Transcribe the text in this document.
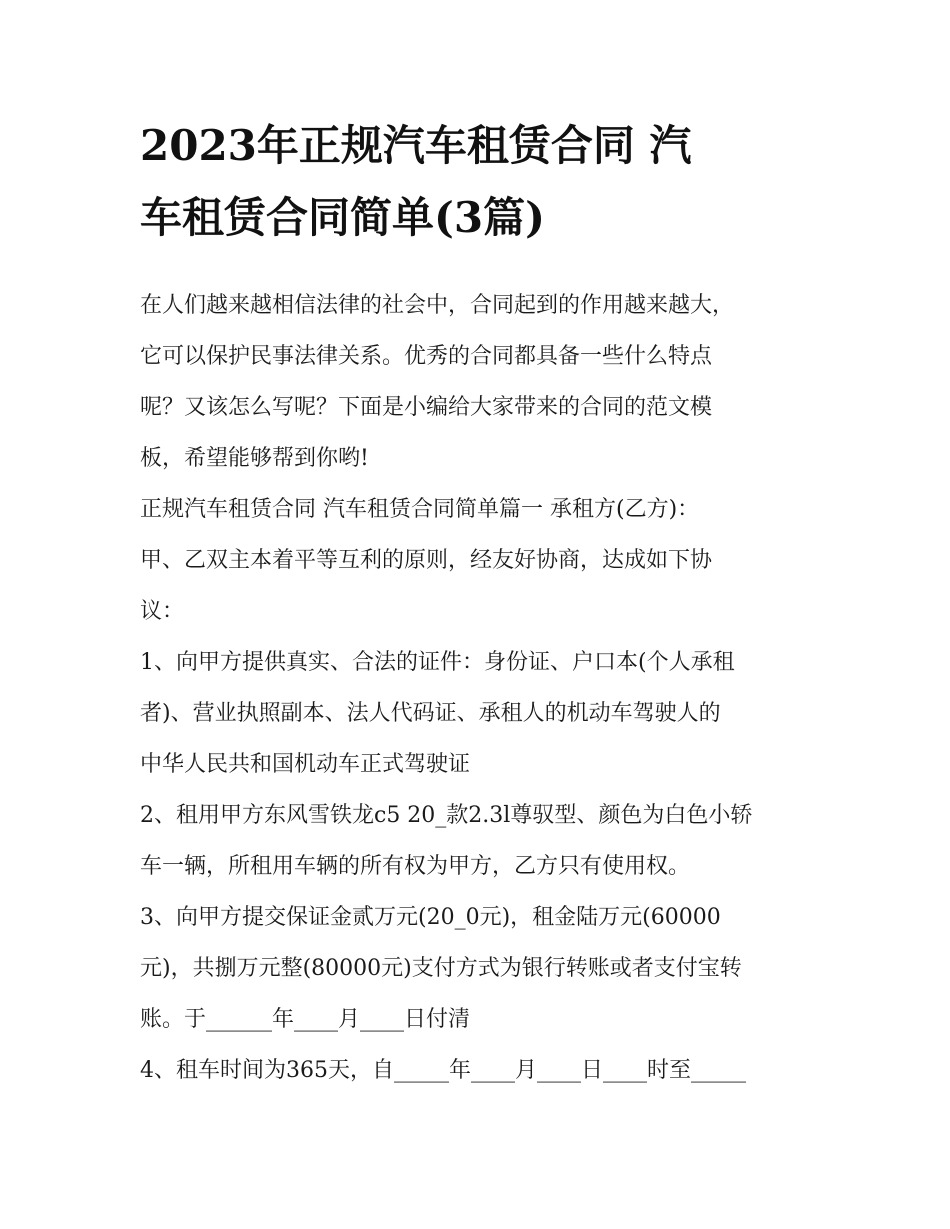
2023年正规汽车租赁合同 汽
车租赁合同简单(3篇)
在人们越来越相信法律的社会中，合同起到的作用越来越大，
它可以保护民事法律关系。优秀的合同都具备一些什么特点
呢？又该怎么写呢？下面是小编给大家带来的合同的范文模
板，希望能够帮到你哟!
正规汽车租赁合同 汽车租赁合同简单篇一 承租方(乙方)：
甲、乙双主本着平等互利的原则，经友好协商，达成如下协
议：
1、向甲方提供真实、合法的证件：身份证、户口本(个人承租
者)、营业执照副本、法人代码证、承租人的机动车驾驶人的
中华人民共和国机动车正式驾驶证
2、租用甲方东风雪铁龙c5 20_款2.3l尊驭型、颜色为白色小轿
车一辆，所租用车辆的所有权为甲方，乙方只有使用权。
3、向甲方提交保证金贰万元(20_0元)，租金陆万元(60000
元)，共捌万元整(80000元)支付方式为银行转账或者支付宝转
账。于______年____月____日付清
4、租车时间为365天，自_____年____月____日____时至_____
